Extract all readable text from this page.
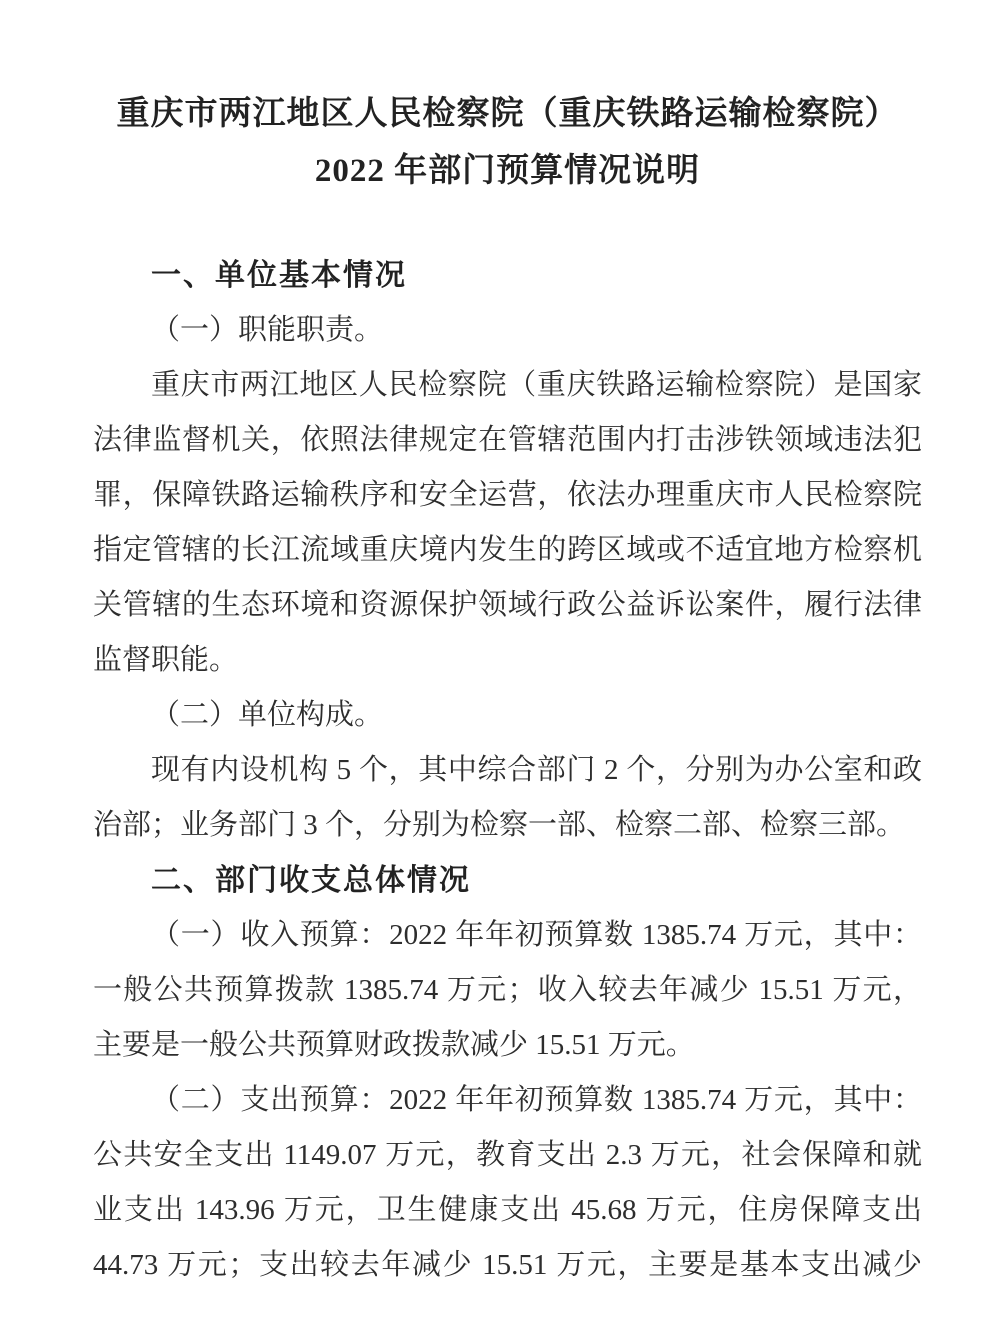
重庆市两江地区人民检察院（重庆铁路运输检察院）
2022 年部门预算情况说明
一、单位基本情况
（一）职能职责。
重庆市两江地区人民检察院（重庆铁路运输检察院）是国家
法律监督机关，依照法律规定在管辖范围内打击涉铁领域违法犯
罪，保障铁路运输秩序和安全运营，依法办理重庆市人民检察院
指定管辖的长江流域重庆境内发生的跨区域或不适宜地方检察机
关管辖的生态环境和资源保护领域行政公益诉讼案件，履行法律
监督职能。
（二）单位构成。
现有内设机构 5 个，其中综合部门 2 个，分别为办公室和政
治部；业务部门 3 个，分别为检察一部、检察二部、检察三部。
二、部门收支总体情况
（一）收入预算：2022 年年初预算数 1385.74 万元，其中：
一般公共预算拨款 1385.74 万元；收入较去年减少 15.51 万元，
主要是一般公共预算财政拨款减少 15.51 万元。
（二）支出预算：2022 年年初预算数 1385.74 万元，其中：
公共安全支出 1149.07 万元，教育支出 2.3 万元，社会保障和就
业支出 143.96 万元，卫生健康支出 45.68 万元，住房保障支出
44.73 万元；支出较去年减少 15.51 万元，主要是基本支出减少
